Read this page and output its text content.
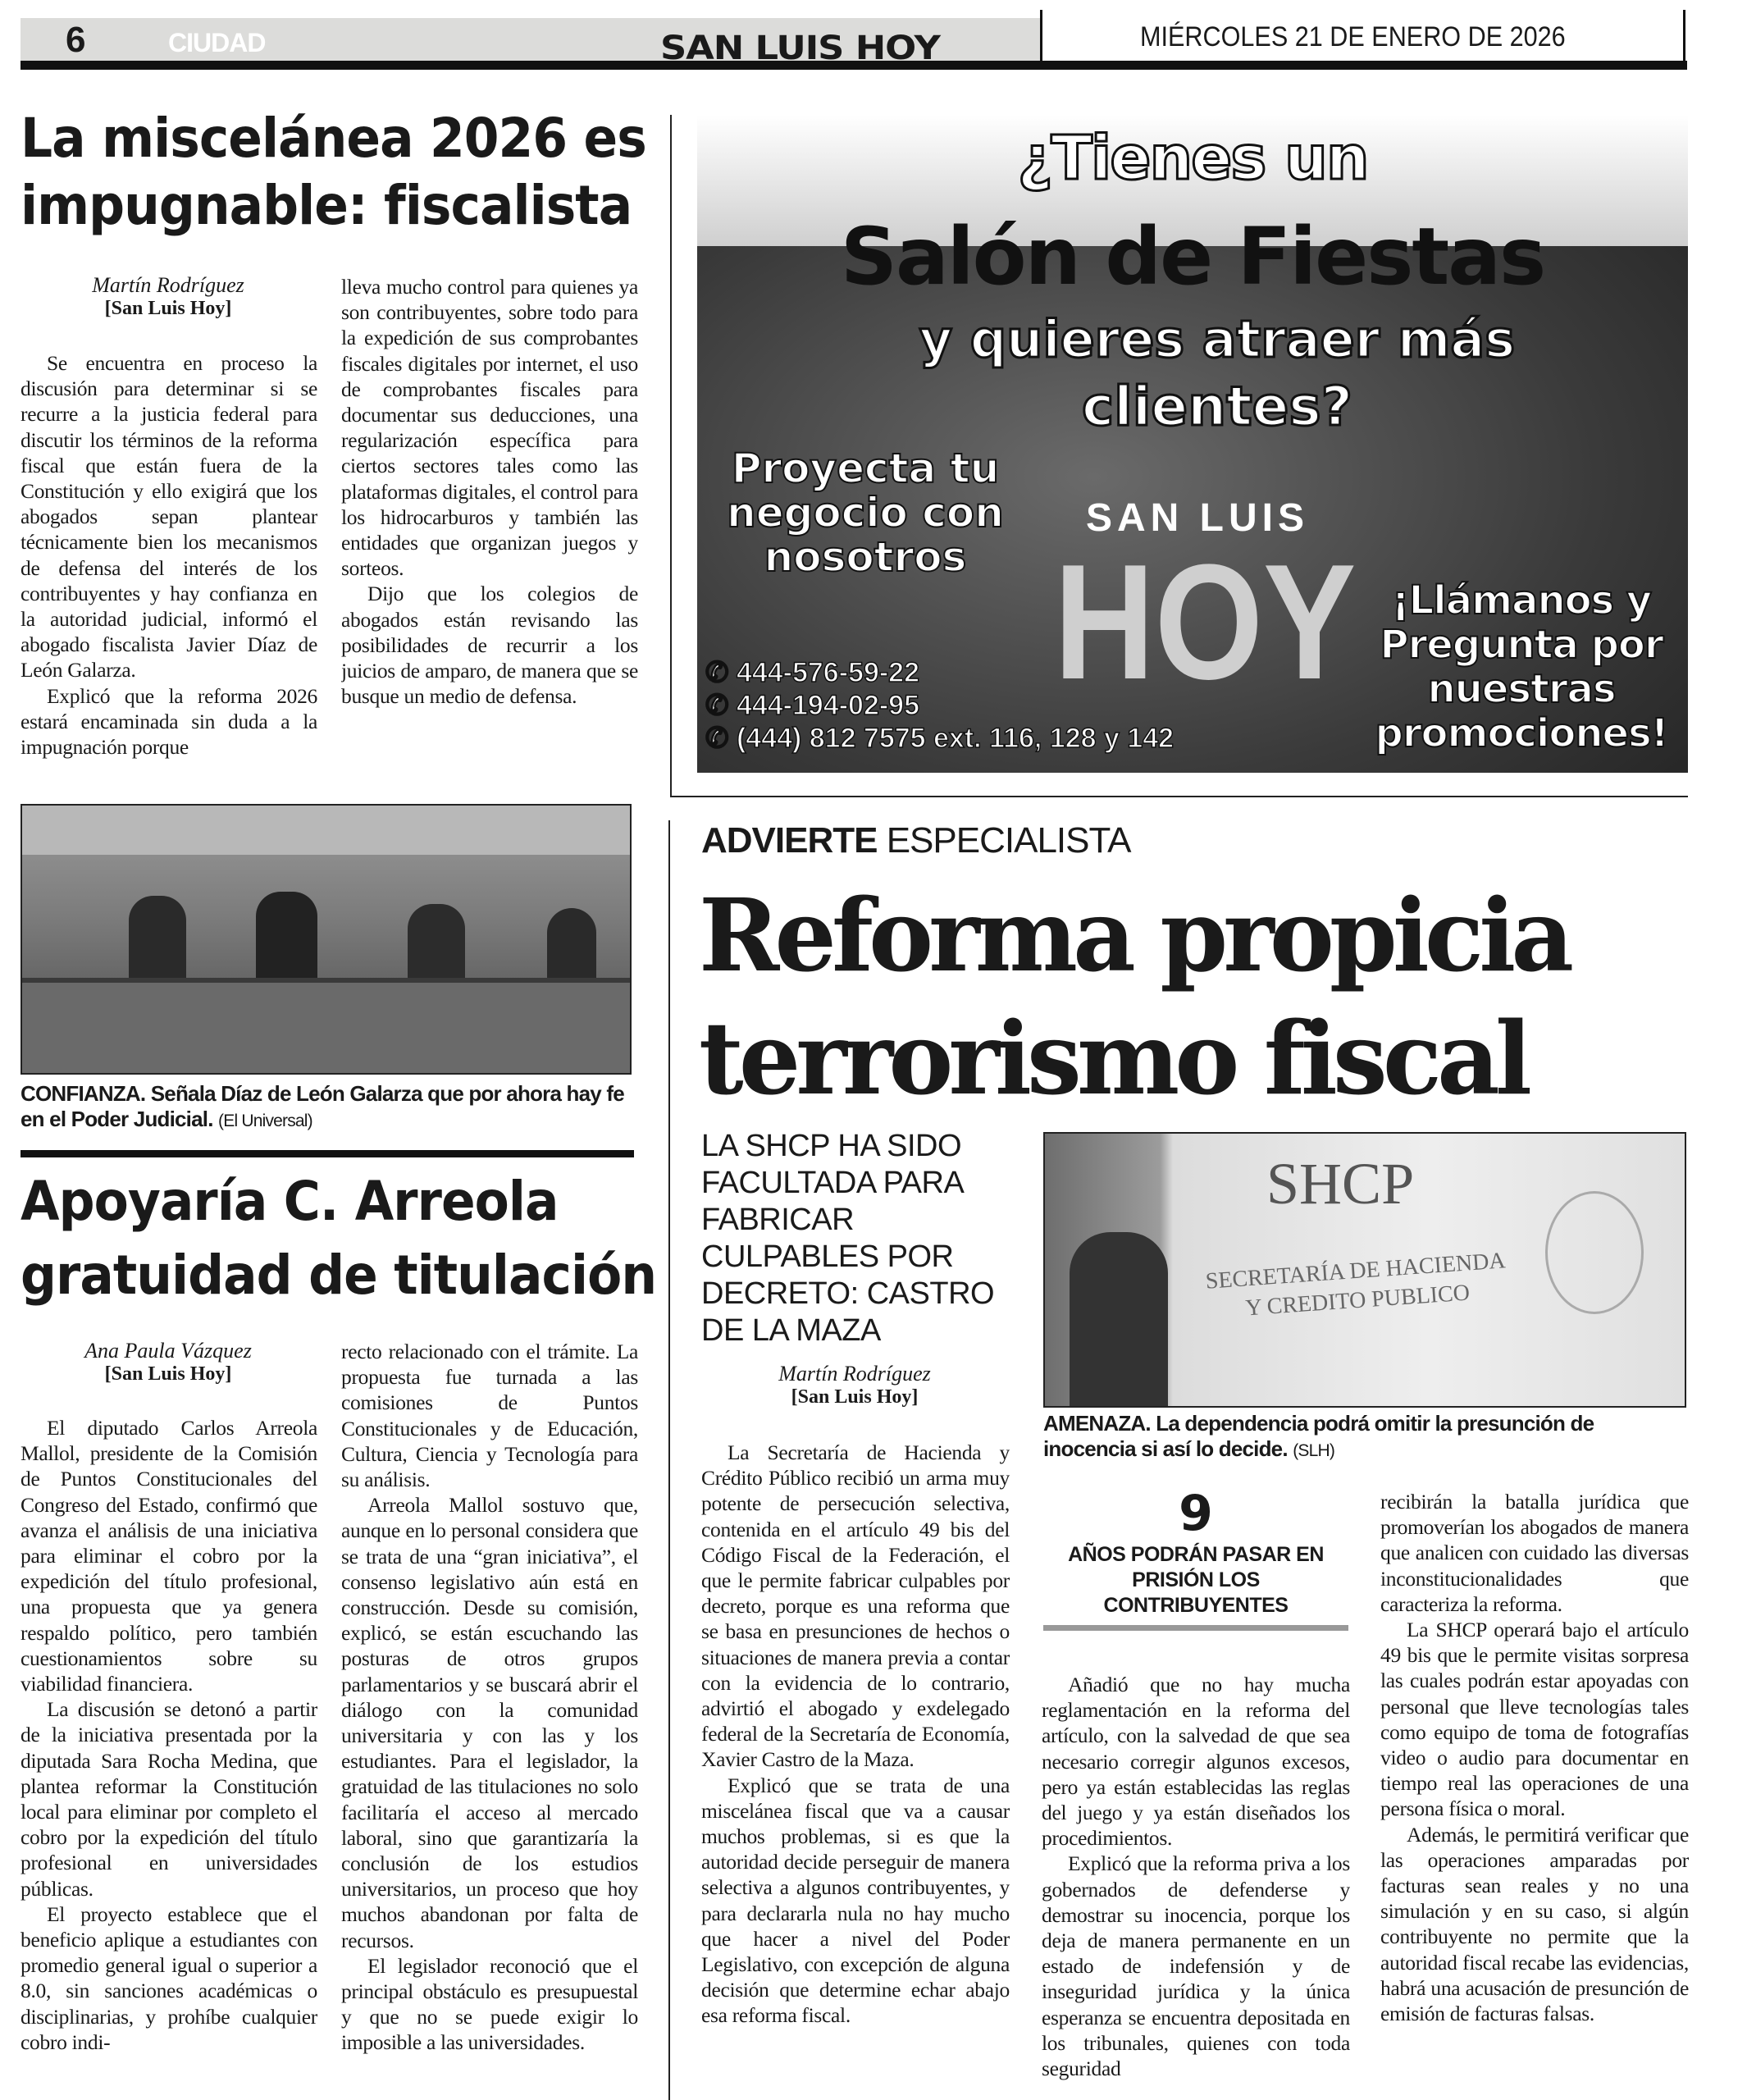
6	CIUDAD	SAN LUIS HOY	MIÉRCOLES 21 DE ENERO DE 2026
La miscelánea 2026 es
impugnable: fiscalista
Martín Rodríguez
[San Luis Hoy]

Se encuentra en proceso la discusión para determinar si se recurre a la justicia federal para discutir los términos de la reforma fiscal que están fuera de la Constitución y ello exigirá que los abogados sepan plantear técnicamente bien los mecanismos de defensa del interés de los contribuyentes y hay confianza en la autoridad judicial, informó el abogado fiscalista Javier Díaz de León Galarza.

Explicó que la reforma 2026 estará encaminada sin duda a la impugnación porque

lleva mucho control para quienes ya son contribuyentes, sobre todo para la expedición de sus comprobantes fiscales digitales por internet, el uso de comprobantes fiscales para documentar sus deducciones, una regularización específica para ciertos sectores tales como las plataformas digitales, el control para los hidrocarburos y también las entidades que organizan juegos y sorteos.

Dijo que los colegios de abogados están revisando las posibilidades de recurrir a los juicios de amparo, de manera que se busque un medio de defensa.

¿Tienes un
Salón de Fiestas
y quieres atraer más
clientes?
Proyecta tu negocio con nosotros
SAN LUIS
HOY ¡Llámanos y Pregunta por nuestras promociones!
✆ 444-576-59-22
✆ 444-194-02-95
✆ (444) 812 7575 ext. 116, 128 y 142
CONFIANZA. Señala Díaz de León Galarza que por ahora hay fe en el Poder Judicial. (El Universal)
Apoyaría C. Arreola
gratuidad de titulación
Ana Paula Vázquez
[San Luis Hoy]

El diputado Carlos Arreola Mallol, presidente de la Comisión de Puntos Constitucionales del Congreso del Estado, confirmó que avanza el análisis de una iniciativa para eliminar el cobro por la expedición del título profesional, una propuesta que ya genera respaldo político, pero también cuestionamientos sobre su viabilidad financiera.

La discusión se detonó a partir de la iniciativa presentada por la diputada Sara Rocha Medina, que plantea reformar la Constitución local para eliminar por completo el cobro por la expedición del título profesional en universidades públicas.

El proyecto establece que el beneficio aplique a estudiantes con promedio general igual o superior a 8.0, sin sanciones académicas o disciplinarias, y prohíbe cualquier cobro indi-

recto relacionado con el trámite. La propuesta fue turnada a las comisiones de Puntos Constitucionales y de Educación, Cultura, Ciencia y Tecnología para su análisis.

Arreola Mallol sostuvo que, aunque en lo personal considera que se trata de una “gran iniciativa”, el consenso legislativo aún está en construcción. Desde su comisión, explicó, se están escuchando las posturas de otros grupos parlamentarios y se buscará abrir el diálogo con la comunidad universitaria y con las y los estudiantes. Para el legislador, la gratuidad de las titulaciones no solo facilitaría el acceso al mercado laboral, sino que garantizaría la conclusión de los estudios universitarios, un proceso que hoy muchos abandonan por falta de recursos.

El legislador reconoció que el principal obstáculo es presupuestal y que no se puede exigir lo imposible a las universidades.

ADVIERTE ESPECIALISTA
Reforma propicia
terrorismo fiscal
LA SHCP HA SIDO FACULTADA PARA FABRICAR CULPABLES POR DECRETO: CASTRO DE LA MAZA
Martín Rodríguez
[San Luis Hoy]
SHCP
SECRETARÍA DE HACIENDA Y CREDITO PUBLICO
AMENAZA. La dependencia podrá omitir la presunción de inocencia si así lo decide. (SLH)
9
AÑOS PODRÁN PASAR EN PRISIÓN LOS CONTRIBUYENTES

La Secretaría de Hacienda y Crédito Público recibió un arma muy potente de persecución selectiva, contenida en el artículo 49 bis del Código Fiscal de la Federación, el que le permite fabricar culpables por decreto, porque es una reforma que se basa en presunciones de hechos o situaciones de manera previa a contar con la evidencia de lo contrario, advirtió el abogado y exdelegado federal de la Secretaría de Economía, Xavier Castro de la Maza.

Explicó que se trata de una miscelánea fiscal que va a causar muchos problemas, si es que la autoridad decide perseguir de manera selectiva a algunos contribuyentes, y para declararla nula no hay mucho que hacer a nivel del Poder Legislativo, con excepción de alguna decisión que determine echar abajo esa reforma fiscal.

Añadió que no hay mucha reglamentación en la reforma del artículo, con la salvedad de que sea necesario corregir algunos excesos, pero ya están establecidas las reglas del juego y ya están diseñados los procedimientos.

Explicó que la reforma priva a los gobernados de defenderse y demostrar su inocencia, porque los deja de manera permanente en un estado de indefensión y de inseguridad jurídica y la única esperanza se encuentra depositada en los tribunales, quienes con toda seguridad

recibirán la batalla jurídica que promoverían los abogados de manera que analicen con cuidado las diversas inconstitucionalidades que caracteriza la reforma.

La SHCP operará bajo el artículo 49 bis que le permite visitas sorpresa las cuales podrán estar apoyadas con personal que lleve tecnologías tales como equipo de toma de fotografías video o audio para documentar en tiempo real las operaciones de una persona física o moral.

Además, le permitirá verificar que las operaciones amparadas por facturas sean reales y no una simulación y en su caso, si algún contribuyente no permite que la autoridad fiscal recabe las evidencias, habrá una acusación de presunción de emisión de facturas falsas.
